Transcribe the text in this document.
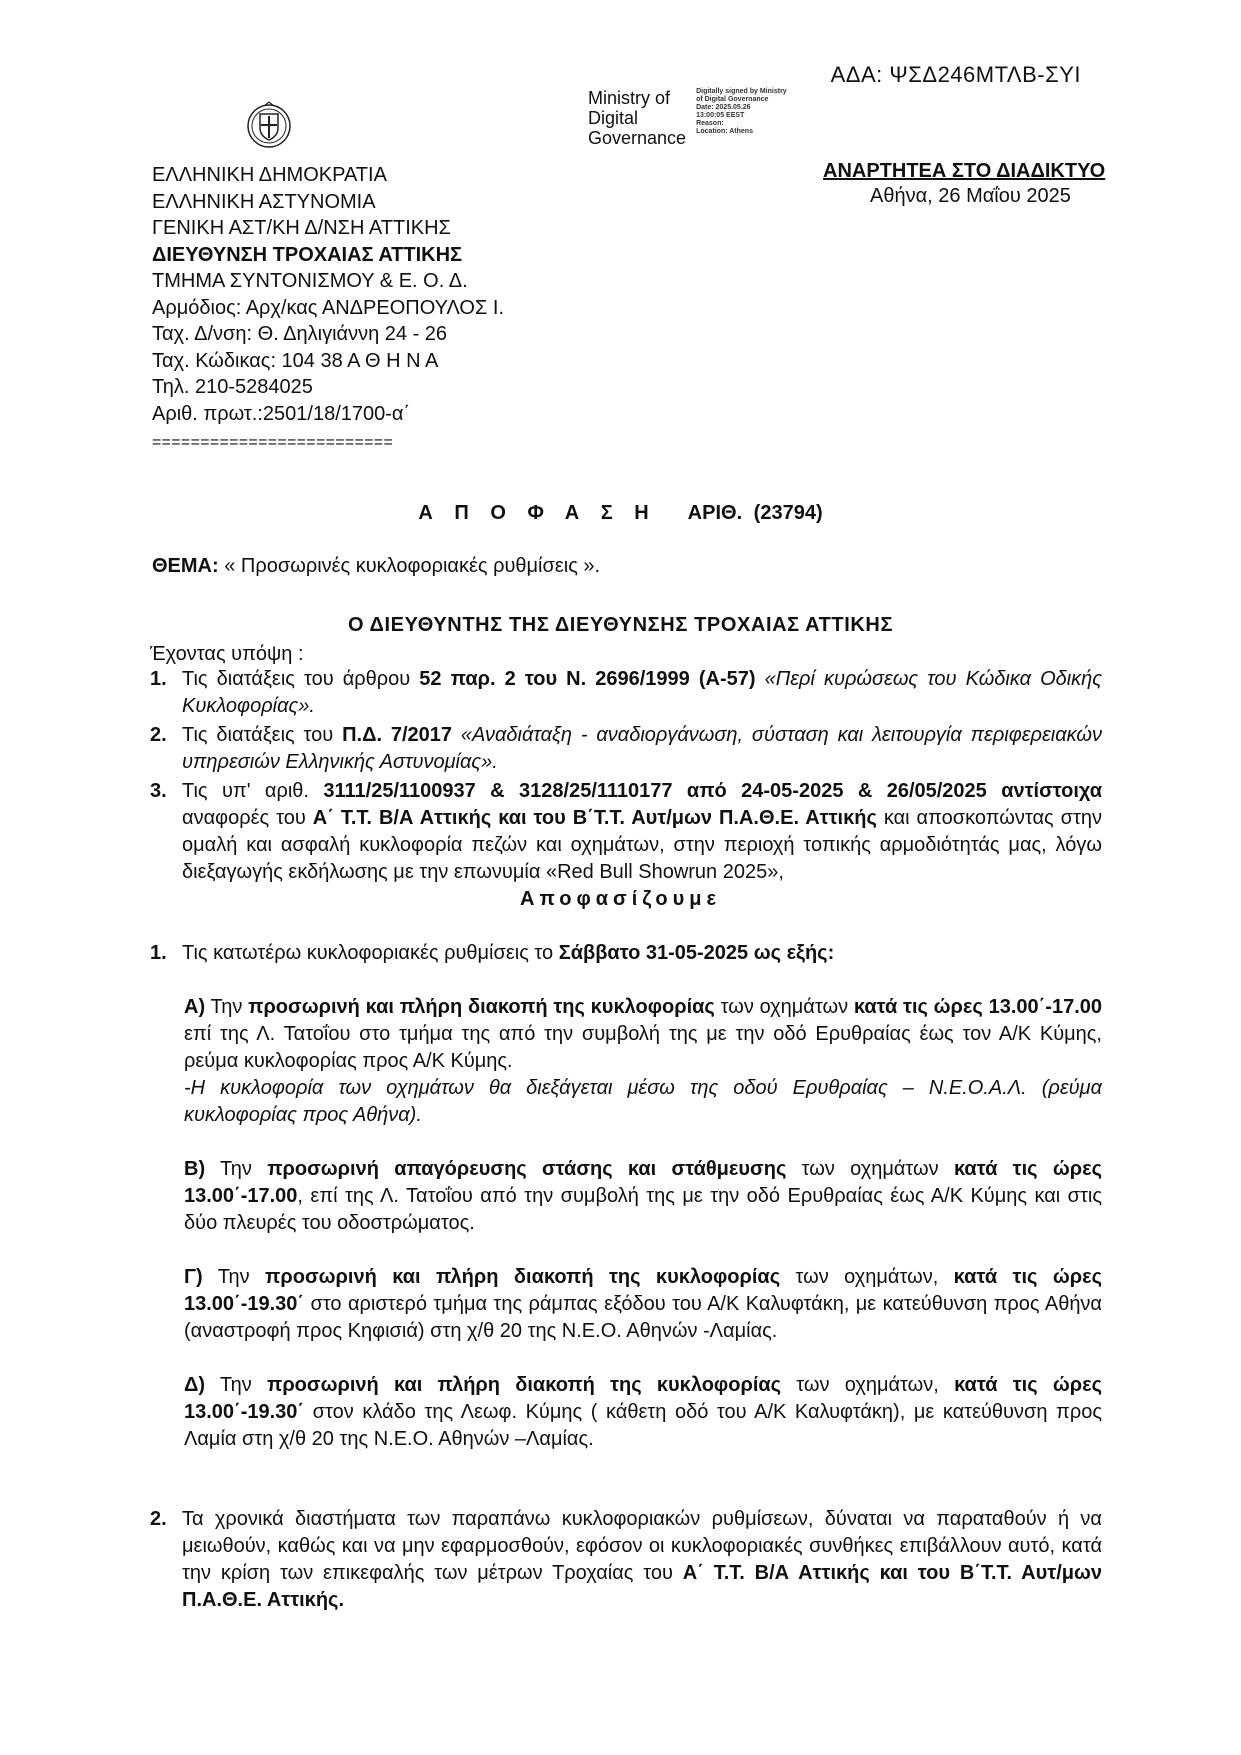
ΑΔΑ: ΨΣΔ246ΜΤΛΒ-ΣΥΙ
Ministry of
Digital
Governance
Digitally signed by Ministry
of Digital Governance
Date: 2025.05.26
13:00:05 EEST
Reason:
Location: Athens
ΑΝΑΡΤΗΤΕΑ ΣΤΟ ΔΙΑΔΙΚΤΥΟ
Αθήνα, 26 Μαΐου 2025
ΕΛΛΗΝΙΚΗ ΔΗΜΟΚΡΑΤΙΑ
ΕΛΛΗΝΙΚΗ ΑΣΤΥΝΟΜΙΑ
ΓΕΝΙΚΗ ΑΣΤ/ΚΗ Δ/ΝΣΗ ΑΤΤΙΚΗΣ
ΔΙΕΥΘΥΝΣΗ ΤΡΟΧΑΙΑΣ ΑΤΤΙΚΗΣ
ΤΜΗΜΑ ΣΥΝΤΟΝΙΣΜΟΥ & Ε. Ο. Δ.
Αρμόδιος: Αρχ/κας ΑΝΔΡΕΟΠΟΥΛΟΣ Ι.
Ταχ. Δ/νση: Θ. Δηλιγιάννη 24 - 26
Ταχ. Κώδικας: 104 38 Α Θ Η Ν Α
Τηλ. 210-5284025
Αριθ. πρωτ.:2501/18/1700-α΄
=========================
Α Π Ο Φ Α Σ Η ΑΡΙΘ. (23794)
ΘΕΜΑ: « Προσωρινές κυκλοφοριακές ρυθμίσεις ».
Ο ΔΙΕΥΘΥΝΤΗΣ ΤΗΣ ΔΙΕΥΘΥΝΣΗΣ ΤΡΟΧΑΙΑΣ ΑΤΤΙΚΗΣ
Έχοντας υπόψη :
1. Τις διατάξεις του άρθρου 52 παρ. 2 του Ν. 2696/1999 (Α-57) «Περί κυρώσεως του Κώδικα Οδικής Κυκλοφορίας».
2. Τις διατάξεις του Π.Δ. 7/2017 «Αναδιάταξη - αναδιοργάνωση, σύσταση και λειτουργία περιφερειακών υπηρεσιών Ελληνικής Αστυνομίας».
3. Τις υπ' αριθ. 3111/25/1100937 & 3128/25/1110177 από 24-05-2025 & 26/05/2025 αντίστοιχα αναφορές του Α΄ Τ.Τ. Β/Α Αττικής και του Β΄Τ.Τ. Αυτ/μων Π.Α.Θ.Ε. Αττικής και αποσκοπώντας στην ομαλή και ασφαλή κυκλοφορία πεζών και οχημάτων, στην περιοχή τοπικής αρμοδιότητάς μας, λόγω διεξαγωγής εκδήλωσης με την επωνυμία «Red Bull Showrun 2025»,
Αποφασίζουμε
1. Τις κατωτέρω κυκλοφοριακές ρυθμίσεις το Σάββατο 31-05-2025 ως εξής:
Α) Την προσωρινή και πλήρη διακοπή της κυκλοφορίας των οχημάτων κατά τις ώρες 13.00΄-17.00 επί της Λ. Τατοΐου στο τμήμα της από την συμβολή της με την οδό Ερυθραίας έως τον Α/Κ Κύμης, ρεύμα κυκλοφορίας προς Α/Κ Κύμης.
-Η κυκλοφορία των οχημάτων θα διεξάγεται μέσω της οδού Ερυθραίας – Ν.Ε.Ο.Α.Λ. (ρεύμα κυκλοφορίας προς Αθήνα).
Β) Την προσωρινή απαγόρευσης στάσης και στάθμευσης των οχημάτων κατά τις ώρες 13.00΄-17.00, επί της Λ. Τατοΐου από την συμβολή της με την οδό Ερυθραίας έως Α/Κ Κύμης και στις δύο πλευρές του οδοστρώματος.
Γ) Την προσωρινή και πλήρη διακοπή της κυκλοφορίας των οχημάτων, κατά τις ώρες 13.00΄-19.30΄ στο αριστερό τμήμα της ράμπας εξόδου του Α/Κ Καλυφτάκη, με κατεύθυνση προς Αθήνα (αναστροφή προς Κηφισιά) στη χ/θ 20 της Ν.Ε.Ο. Αθηνών -Λαμίας.
Δ) Την προσωρινή και πλήρη διακοπή της κυκλοφορίας των οχημάτων, κατά τις ώρες 13.00΄-19.30΄ στον κλάδο της Λεωφ. Κύμης ( κάθετη οδό του Α/Κ Καλυφτάκη), με κατεύθυνση προς Λαμία στη χ/θ 20 της Ν.Ε.Ο. Αθηνών –Λαμίας.
2. Τα χρονικά διαστήματα των παραπάνω κυκλοφοριακών ρυθμίσεων, δύναται να παραταθούν ή να μειωθούν, καθώς και να μην εφαρμοσθούν, εφόσον οι κυκλοφοριακές συνθήκες επιβάλλουν αυτό, κατά την κρίση των επικεφαλής των μέτρων Τροχαίας του Α΄ Τ.Τ. Β/Α Αττικής και του Β΄Τ.Τ. Αυτ/μων Π.Α.Θ.Ε. Αττικής.
